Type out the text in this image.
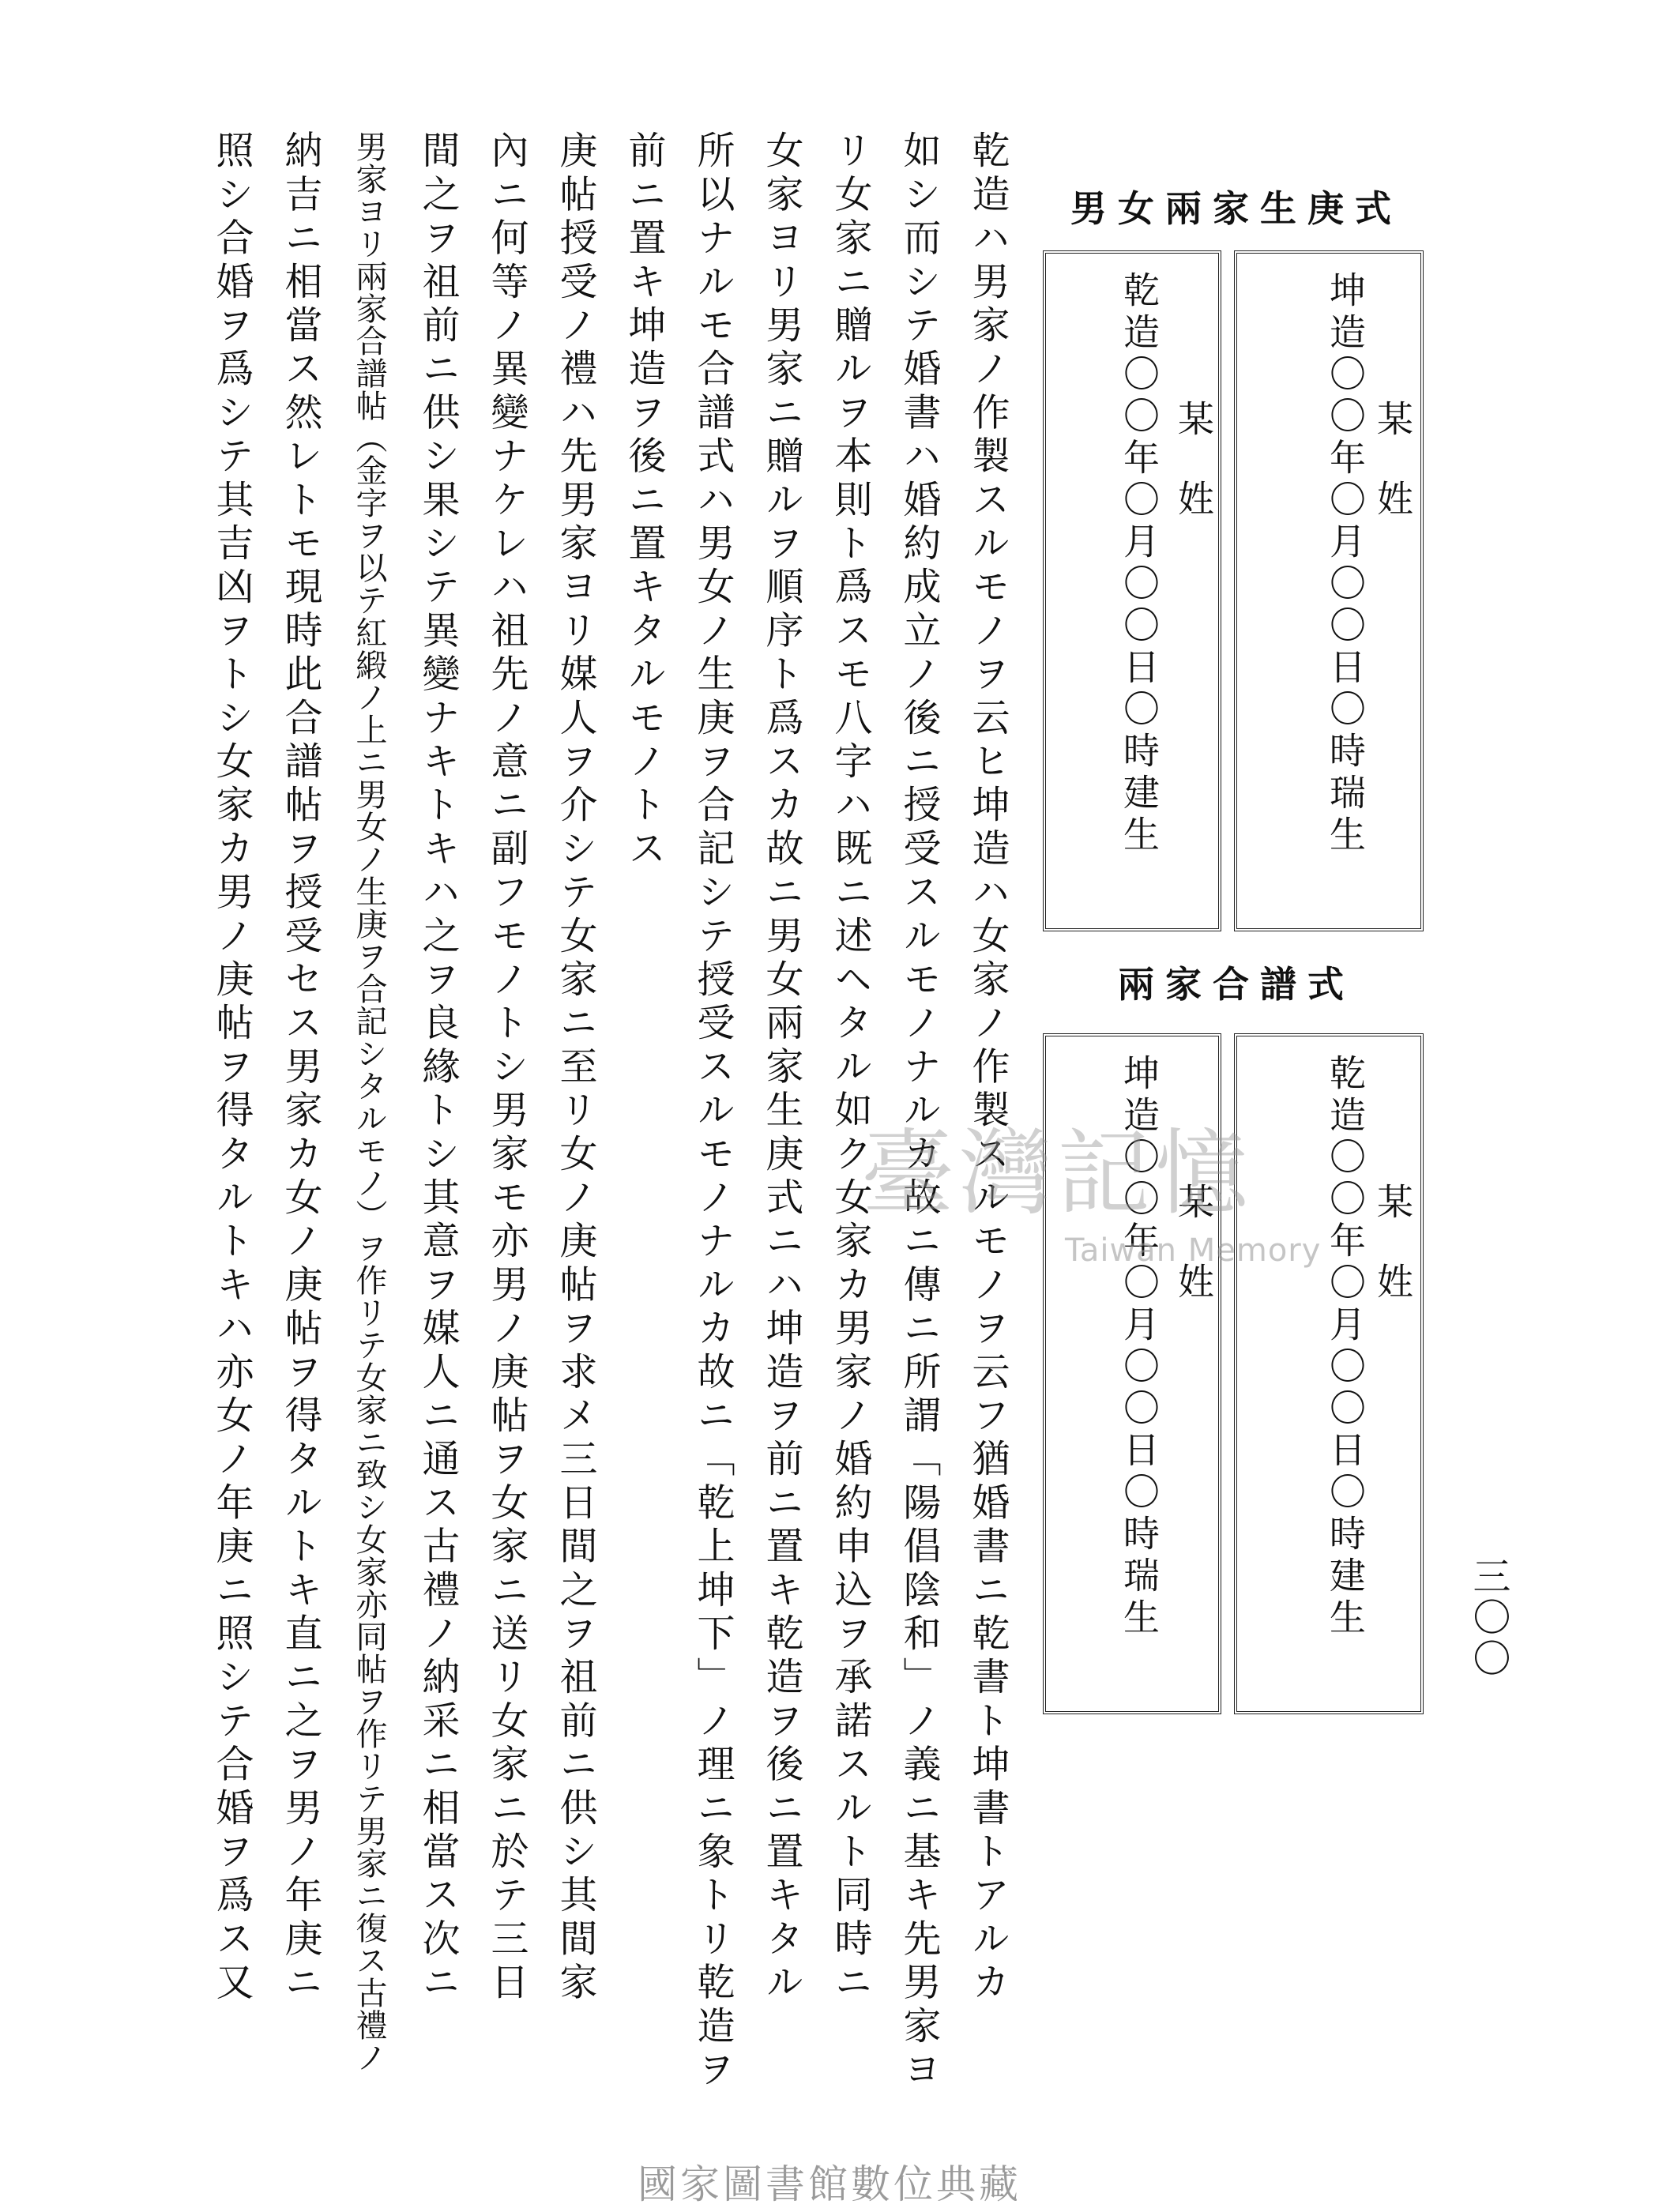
男女兩家生庚式
兩家合譜式
坤造〇〇年〇月〇〇日〇時瑞生 某姓
乾造〇〇年〇月〇〇日〇時建生 某姓
乾造〇〇年〇月〇〇日〇時建生 某姓
坤造〇〇年〇月〇〇日〇時瑞生 某姓
乾造ハ男家ノ作製スルモノヲ云ヒ坤造ハ女家ノ作製スルモノヲ云フ猶婚書ニ乾書ト坤書トアルカ
如シ而シテ婚書ハ婚約成立ノ後ニ授受スルモノナルカ故ニ傳ニ所謂「陽倡陰和」ノ義ニ基キ先男家ヨ
リ女家ニ贈ルヲ本則ト爲スモ八字ハ既ニ述ヘタル如ク女家カ男家ノ婚約申込ヲ承諾スルト同時ニ
女家ヨリ男家ニ贈ルヲ順序ト爲スカ故ニ男女兩家生庚式ニハ坤造ヲ前ニ置キ乾造ヲ後ニ置キタル
所以ナルモ合譜式ハ男女ノ生庚ヲ合記シテ授受スルモノナルカ故ニ「乾上坤下」ノ理ニ象トリ乾造ヲ
前ニ置キ坤造ヲ後ニ置キタルモノトス
庚帖授受ノ禮ハ先男家ヨリ媒人ヲ介シテ女家ニ至リ女ノ庚帖ヲ求メ三日間之ヲ祖前ニ供シ其間家
內ニ何等ノ異變ナケレハ祖先ノ意ニ副フモノトシ男家モ亦男ノ庚帖ヲ女家ニ送リ女家ニ於テ三日
間之ヲ祖前ニ供シ果シテ異變ナキトキハ之ヲ良緣トシ其意ヲ媒人ニ通ス古禮ノ納采ニ相當ス次ニ
男家ヨリ兩家合譜帖（金字ヲ以テ紅緞ノ上ニ男女ノ生庚ヲ合記シタルモノ）ヲ作リテ女家ニ致シ女家亦同帖ヲ作リテ男家ニ復ス古禮ノ
納吉ニ相當ス然レトモ現時此合譜帖ヲ授受セス男家カ女ノ庚帖ヲ得タルトキ直ニ之ヲ男ノ年庚ニ
照シ合婚ヲ爲シテ其吉凶ヲトシ女家カ男ノ庚帖ヲ得タルトキハ亦女ノ年庚ニ照シテ合婚ヲ爲ス又	三〇〇
臺灣記憶
Taiwan Memory
國家圖書館數位典藏
